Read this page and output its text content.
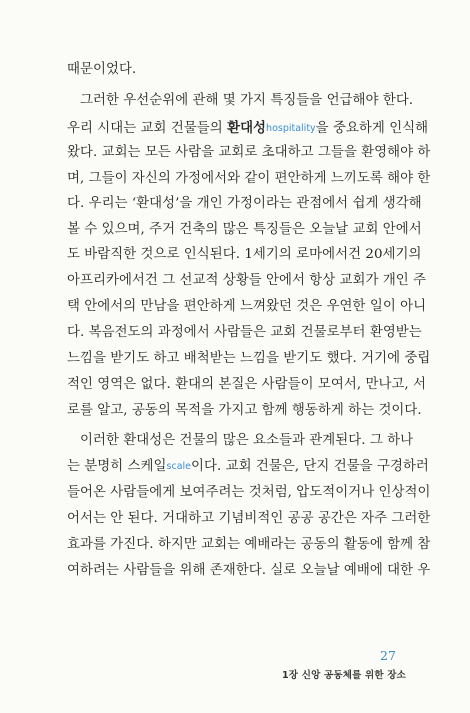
때문이었다.
그러한 우선순위에 관해 몇 가지 특징들을 언급해야 한다.
우리 시대는 교회 건물들의 환대성hospitality을 중요하게 인식해
왔다. 교회는 모든 사람을 교회로 초대하고 그들을 환영해야 하
며, 그들이 자신의 가정에서와 같이 편안하게 느끼도록 해야 한
다. 우리는 ‘환대성’을 개인 가정이라는 관점에서 쉽게 생각해
볼 수 있으며, 주거 건축의 많은 특징들은 오늘날 교회 안에서
도 바람직한 것으로 인식된다. 1세기의 로마에서건 20세기의
아프리카에서건 그 선교적 상황들 안에서 항상 교회가 개인 주
택 안에서의 만남을 편안하게 느껴왔던 것은 우연한 일이 아니
다. 복음전도의 과정에서 사람들은 교회 건물로부터 환영받는
느낌을 받기도 하고 배척받는 느낌을 받기도 했다. 거기에 중립
적인 영역은 없다. 환대의 본질은 사람들이 모여서, 만나고, 서
로를 알고, 공동의 목적을 가지고 함께 행동하게 하는 것이다.
이러한 환대성은 건물의 많은 요소들과 관계된다. 그 하나
는 분명히 스케일scale이다. 교회 건물은, 단지 건물을 구경하러
들어온 사람들에게 보여주려는 것처럼, 압도적이거나 인상적이
어서는 안 된다. 거대하고 기념비적인 공공 공간은 자주 그러한
효과를 가진다. 하지만 교회는 예배라는 공동의 활동에 함께 참
여하려는 사람들을 위해 존재한다. 실로 오늘날 예배에 대한 우
27
1장 신앙 공동체를 위한 장소
